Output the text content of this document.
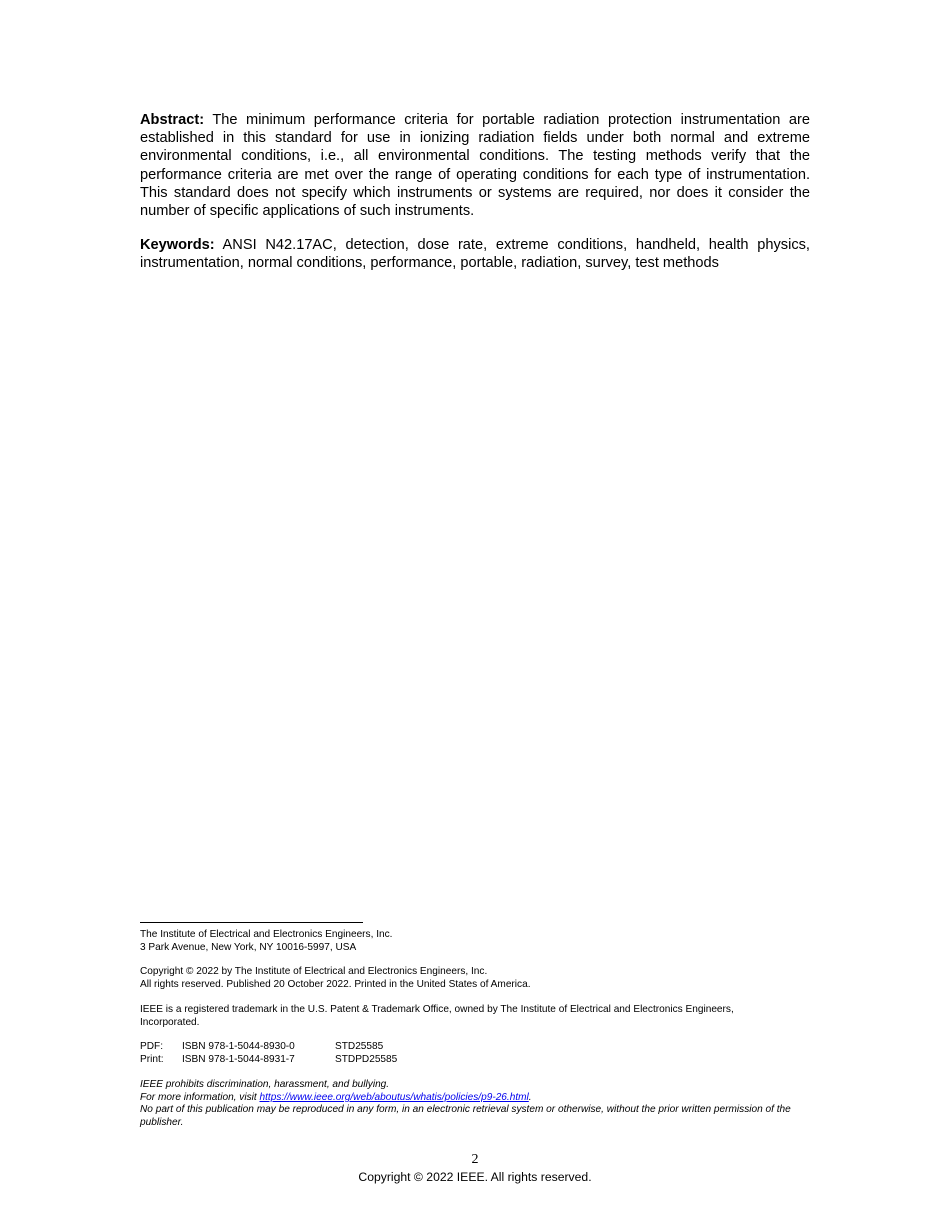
Abstract: The minimum performance criteria for portable radiation protection instrumentation are established in this standard for use in ionizing radiation fields under both normal and extreme environmental conditions, i.e., all environmental conditions. The testing methods verify that the performance criteria are met over the range of operating conditions for each type of instrumentation. This standard does not specify which instruments or systems are required, nor does it consider the number of specific applications of such instruments.

Keywords: ANSI N42.17AC, detection, dose rate, extreme conditions, handheld, health physics, instrumentation, normal conditions, performance, portable, radiation, survey, test methods

The Institute of Electrical and Electronics Engineers, Inc.

3 Park Avenue, New York, NY 10016-5997, USA

Copyright © 2022 by The Institute of Electrical and Electronics Engineers, Inc.

All rights reserved. Published 20 October 2022. Printed in the United States of America.

IEEE is a registered trademark in the U.S. Patent & Trademark Office, owned by The Institute of Electrical and Electronics Engineers, Incorporated.

PDF:	ISBN 978-1-5044-8930-0	STD25585
Print:	ISBN 978-1-5044-8931-7	STDPD25585

IEEE prohibits discrimination, harassment, and bullying.

For more information, visit https://www.ieee.org/web/aboutus/whatis/policies/p9-26.html.

No part of this publication may be reproduced in any form, in an electronic retrieval system or otherwise, without the prior written permission of the publisher.

2
Copyright © 2022 IEEE. All rights reserved.
